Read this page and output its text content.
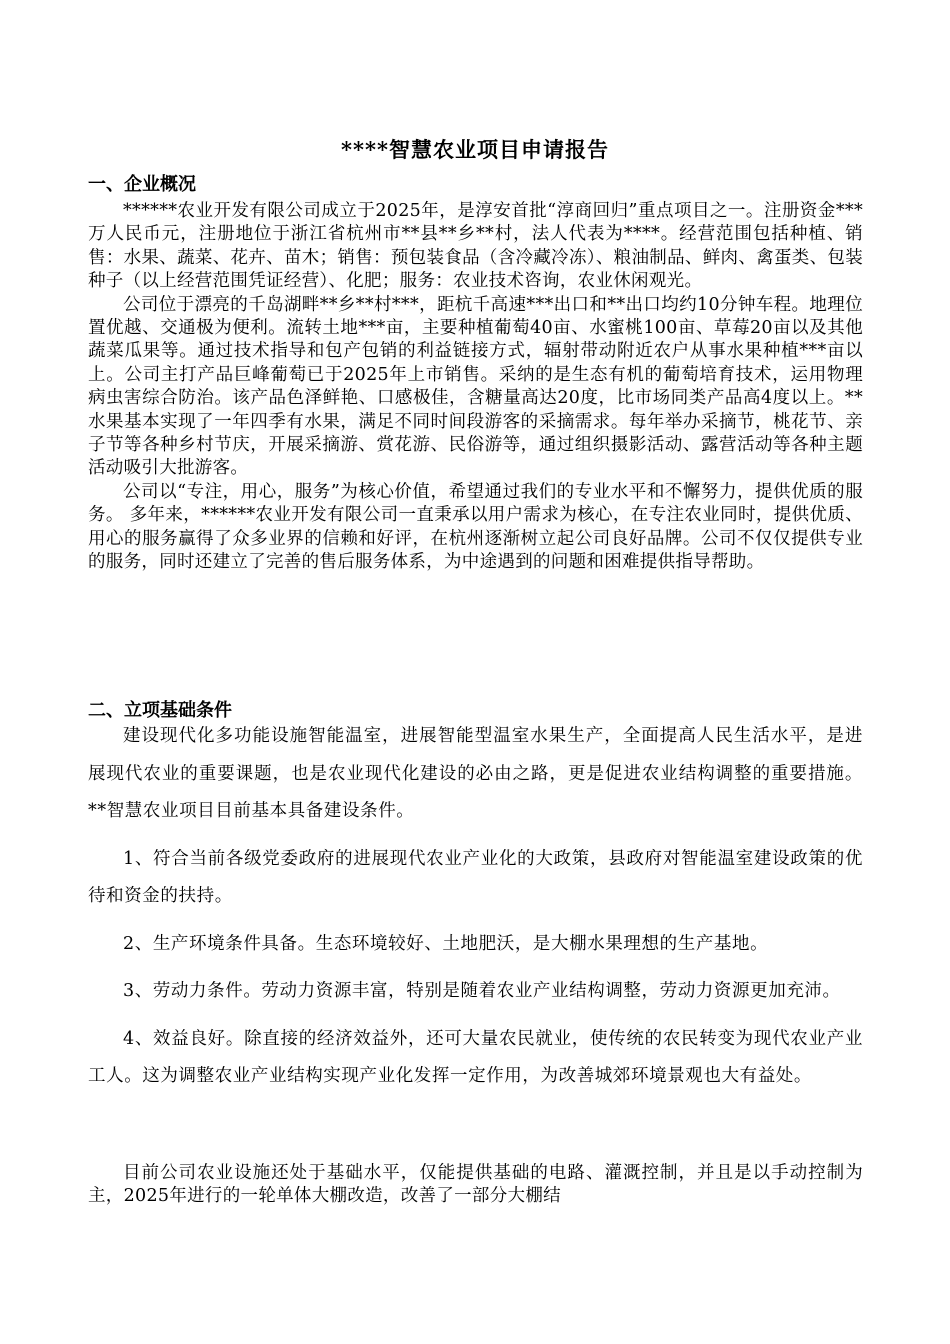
****智慧农业项目申请报告
一、企业概况

******农业开发有限公司成立于2025年，是淳安首批“淳商回归”重点项目之一。注册资金***万人民币元，注册地位于浙江省杭州市**县**乡**村，法人代表为****。经营范围包括种植、销售：水果、蔬菜、花卉、苗木；销售：预包装食品（含冷藏冷冻）、粮油制品、鲜肉、禽蛋类、包装种子（以上经营范围凭证经营）、化肥；服务：农业技术咨询，农业休闲观光。

公司位于漂亮的千岛湖畔**乡**村***，距杭千高速***出口和**出口均约10分钟车程。地理位置优越、交通极为便利。流转土地***亩，主要种植葡萄40亩、水蜜桃100亩、草莓20亩以及其他蔬菜瓜果等。通过技术指导和包产包销的利益链接方式，辐射带动附近农户从事水果种植***亩以上。公司主打产品巨峰葡萄已于2025年上市销售。采纳的是生态有机的葡萄培育技术，运用物理病虫害综合防治。该产品色泽鲜艳、口感极佳，含糖量高达20度，比市场同类产品高4度以上。**水果基本实现了一年四季有水果，满足不同时间段游客的采摘需求。每年举办采摘节，桃花节、亲子节等各种乡村节庆，开展采摘游、赏花游、民俗游等，通过组织摄影活动、露营活动等各种主题活动吸引大批游客。

公司以“专注，用心，服务”为核心价值，希望通过我们的专业水平和不懈努力，提供优质的服务。 多年来，******农业开发有限公司一直秉承以用户需求为核心，在专注农业同时，提供优质、用心的服务赢得了众多业界的信赖和好评，在杭州逐渐树立起公司良好品牌。公司不仅仅提供专业的服务，同时还建立了完善的售后服务体系，为中途遇到的问题和困难提供指导帮助。

二、立项基础条件

建设现代化多功能设施智能温室，进展智能型温室水果生产，全面提高人民生活水平，是进展现代农业的重要课题，也是农业现代化建设的必由之路，更是促进农业结构调整的重要措施。**智慧农业项目目前基本具备建设条件。

1、符合当前各级党委政府的进展现代农业产业化的大政策，县政府对智能温室建设政策的优待和资金的扶持。

2、生产环境条件具备。生态环境较好、土地肥沃，是大棚水果理想的生产基地。

3、劳动力条件。劳动力资源丰富，特别是随着农业产业结构调整，劳动力资源更加充沛。

4、效益良好。除直接的经济效益外，还可大量农民就业，使传统的农民转变为现代农业产业工人。这为调整农业产业结构实现产业化发挥一定作用，为改善城郊环境景观也大有益处。

目前公司农业设施还处于基础水平，仅能提供基础的电路、灌溉控制，并且是以手动控制为主，2025年进行的一轮单体大棚改造，改善了一部分大棚结
